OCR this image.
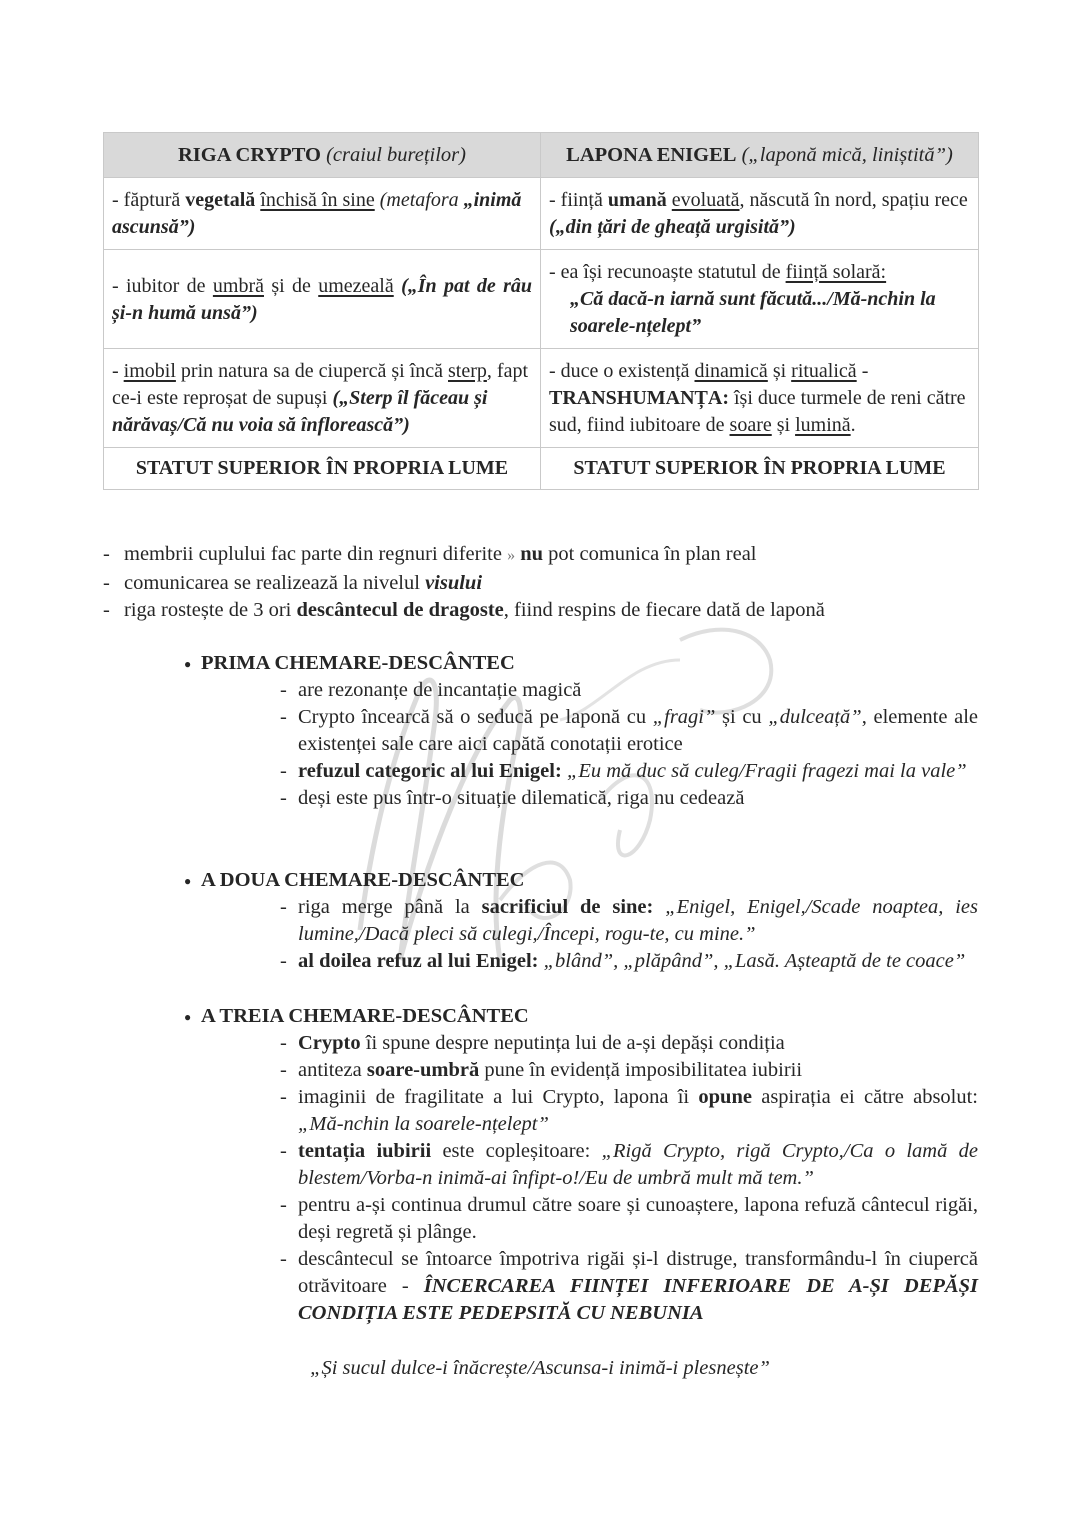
RIGA CRYPTO (craiul bureților)	LAPONA ENIGEL („laponă mică, liniștită”)

- făptură vegetală închisă în sine (metafora „inimă ascunsă”)	- ființă umană evoluată, născută în nord, spațiu rece („din țări de gheață urgisită”)

- iubitor de umbră și de umezeală („În pat de râu și-n humă unsă”)	- ea își recunoaște statutul de ființă solară:
„Că dacă-n iarnă sunt făcută.../Mă-nchin la soarele-nțelept”

- imobil prin natura sa de ciupercă și încă sterp, fapt ce-i este reproșat de supuși („Sterp îl făceau și nărăvaș/Că nu voia să înflorească”)	- duce o existență dinamică și ritualică - TRANSHUMANȚA: își duce turmele de reni către sud, fiind iubitoare de soare și lumină.

STATUT SUPERIOR ÎN PROPRIA LUME	STATUT SUPERIOR ÎN PROPRIA LUME
- membrii cuplului fac parte din regnuri diferite » nu pot comunica în plan real
- comunicarea se realizează la nivelul visului
- riga rostește de 3 ori descântecul de dragoste, fiind respins de fiecare dată de laponă
● PRIMA CHEMARE-DESCÂNTEC
- are rezonanțe de incantație magică
- Crypto încearcă să o seducă pe laponă cu „fragi” și cu „dulceață”, elemente ale existenței sale care aici capătă conotații erotice
- refuzul categoric al lui Enigel: „Eu mă duc să culeg/Fragii fragezi mai la vale”
- deși este pus într-o situație dilematică, riga nu cedează
● A DOUA CHEMARE-DESCÂNTEC
- riga merge până la sacrificiul de sine: „Enigel, Enigel,/Scade noaptea, ies lumine,/Dacă pleci să culegi,/Începi, rogu-te, cu mine.”
- al doilea refuz al lui Enigel: „blând”, „plăpând”, „Lasă. Așteaptă de te coace”
● A TREIA CHEMARE-DESCÂNTEC
- Crypto îi spune despre neputința lui de a-și depăși condiția
- antiteza soare-umbră pune în evidență imposibilitatea iubirii
- imaginii de fragilitate a lui Crypto, lapona îi opune aspirația ei către absolut: „Mă-nchin la soarele-nțelept”
- tentația iubirii este copleșitoare: „Rigă Crypto, rigă Crypto,/Ca o lamă de blestem/Vorba-n inimă-ai înfipt-o!/Eu de umbră mult mă tem.”
- pentru a-și continua drumul către soare și cunoaștere, lapona refuză cântecul rigăi, deși regretă și plânge.
- descântecul se întoarce împotriva rigăi și-l distruge, transformându-l în ciupercă otrăvitoare - ÎNCERCAREA FIINȚEI INFERIOARE DE A-ȘI DEPĂȘI CONDIȚIA ESTE PEDEPSITĂ CU NEBUNIA
„Și sucul dulce-i înăcrește/Ascunsa-i inimă-i plesnește”
